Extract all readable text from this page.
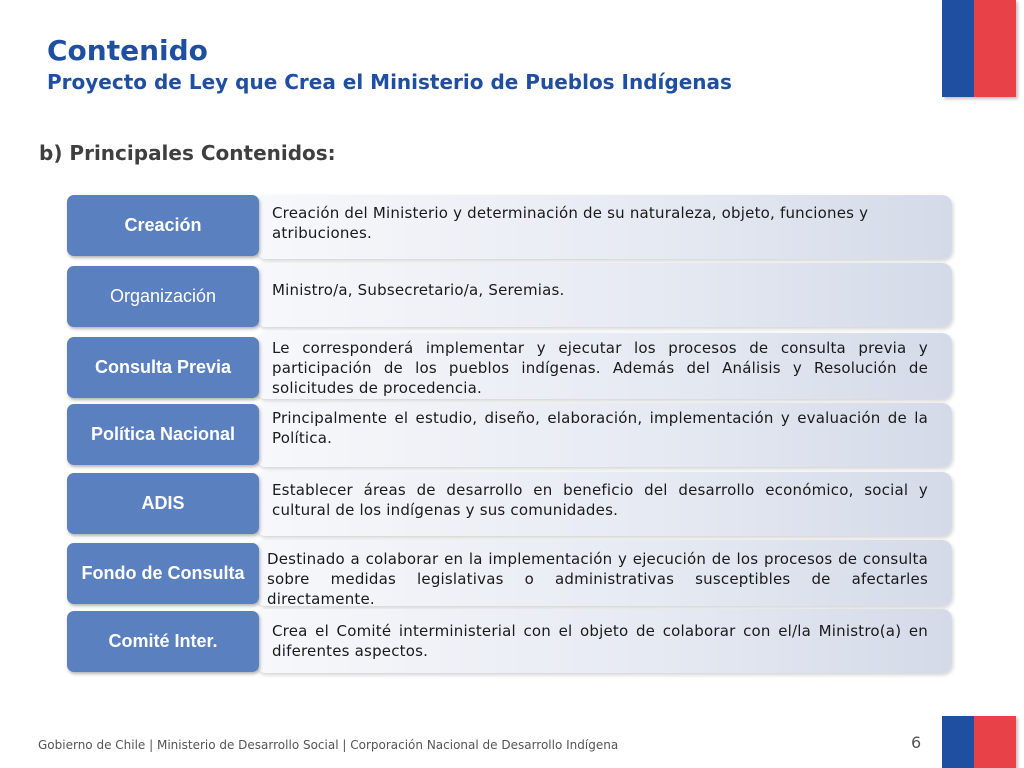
Contenido
Proyecto de Ley que Crea el Ministerio de Pueblos Indígenas
b) Principales Contenidos:
Creación del Ministerio y determinación de su naturaleza, objeto, funciones y atribuciones.
Creación
Ministro/a, Subsecretario/a, Seremias.
Organización
Le corresponderá implementar y ejecutar los procesos de consulta previa y participación de los pueblos indígenas. Además del Análisis y Resolución de solicitudes de procedencia.
Consulta Previa
Principalmente el estudio, diseño, elaboración, implementación y evaluación de la Política.
Política Nacional
Establecer áreas de desarrollo en beneficio del desarrollo económico, social y cultural de los indígenas y sus comunidades.
ADIS
Destinado a colaborar en la implementación y ejecución de los procesos de consulta sobre medidas legislativas o administrativas susceptibles de afectarles directamente.
Fondo de Consulta
Crea el Comité interministerial con el objeto de colaborar con el/la Ministro(a) en diferentes aspectos.
Comité Inter.

Gobierno de Chile | Ministerio de Desarrollo Social | Corporación Nacional de Desarrollo Indígena	6
